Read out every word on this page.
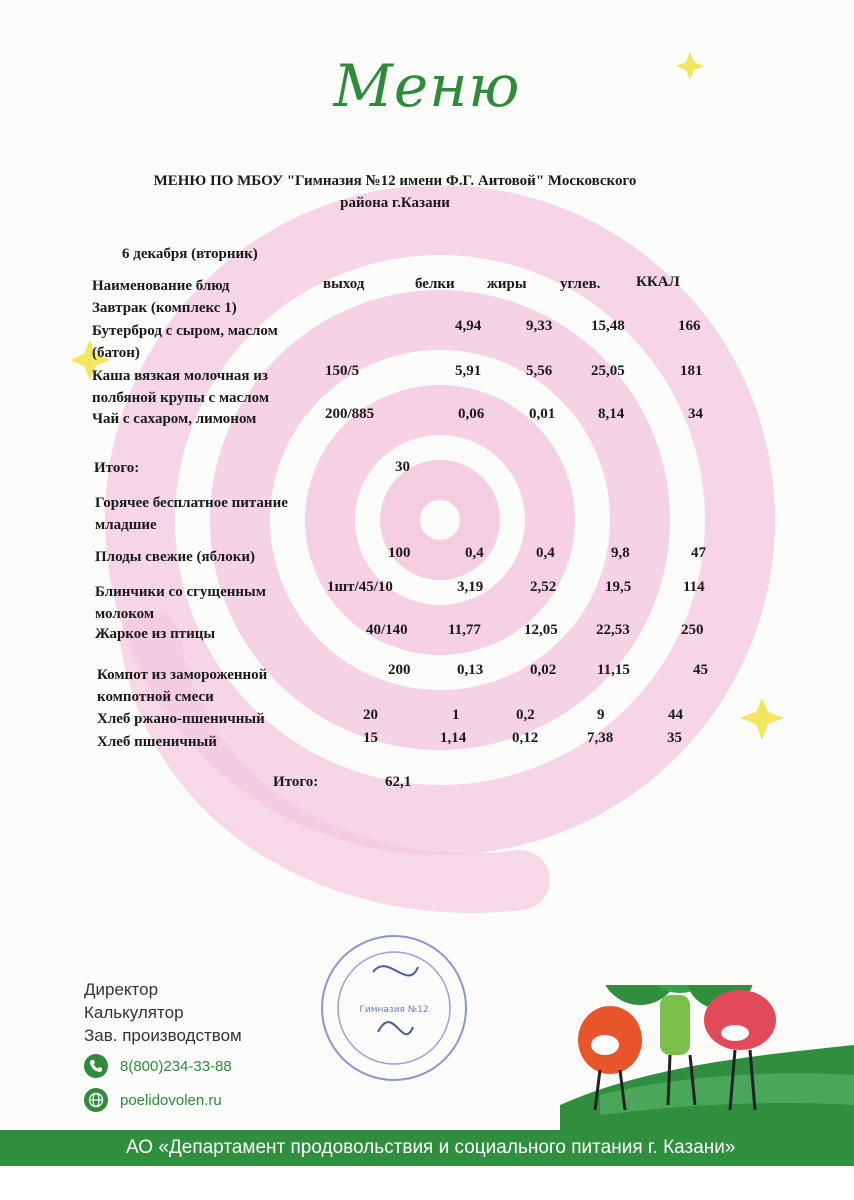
Меню
МЕНЮ ПО МБОУ "Гимназия №12 имени Ф.Г. Аитовой" Московского
района г.Казани
6 декабря (вторник)
Наименование блюд	выход	белки жиры углев. ККАЛ
Завтрак (комплекс 1)
Бутерброд с сыром, маслом
(батон)
4,94	9,33	15,48	166
Каша вязкая молочная из
полбяной крупы с маслом
150/5	5,91	5,56	25,05	181
Чай с сахаром, лимоном	200/885	0,06	0,01	8,14	34
Итого:	30
Горячее бесплатное питание
младшие
Плоды свежие (яблоки)	100	0,4	0,4	9,8	47
Блинчики со сгущенным
молоком
1шт/45/10	3,19	2,52	19,5	114
Жаркое из птицы	40/140	11,77	12,05	22,53	250
Компот из замороженной
компотной смеси
200	0,13	0,02	11,15	45
Хлеб ржано-пшеничный	20	1	0,2	9	44
Хлеб пшеничный	15	1,14	0,12	7,38	35
Итого:	62,1
Гимназия №12
Директор
Калькулятор
Зав. производством
8(800)234-33-88
poelidovolen.ru
АО «Департамент продовольствия и социального питания г. Казани»
